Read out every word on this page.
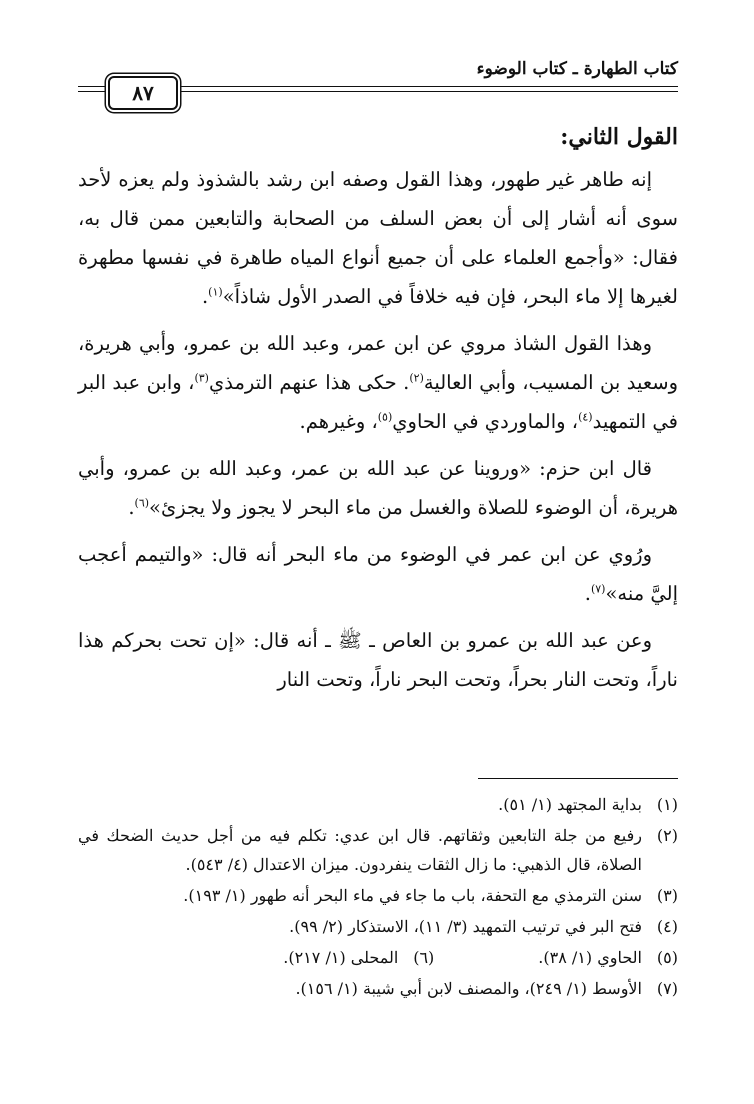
كتاب الطهارة ـ كتاب الوضوء
٨٧
القول الثاني:

إنه طاهر غير طهور، وهذا القول وصفه ابن رشد بالشذوذ ولم يعزه لأحد سوى أنه أشار إلى أن بعض السلف من الصحابة والتابعين ممن قال به، فقال: «وأجمع العلماء على أن جميع أنواع المياه طاهرة في نفسها مطهرة لغيرها إلا ماء البحر، فإن فيه خلافاً في الصدر الأول شاذاً»$^{(١)}$.

وهذا القول الشاذ مروي عن ابن عمر، وعبد الله بن عمرو، وأبي هريرة، وسعيد بن المسيب، وأبي العالية$^{(٢)}$. حكى هذا عنهم الترمذي$^{(٣)}$، وابن عبد البر في التمهيد$^{(٤)}$، والماوردي في الحاوي$^{(٥)}$، وغيرهم.

قال ابن حزم: «وروينا عن عبد الله بن عمر، وعبد الله بن عمرو، وأبي هريرة، أن الوضوء للصلاة والغسل من ماء البحر لا يجوز ولا يجزئ»$^{(٦)}$.

ورُوي عن ابن عمر في الوضوء من ماء البحر أنه قال: «والتيمم أعجب إليَّ منه»$^{(٧)}$.

وعن عبد الله بن عمرو بن العاص ـ ﷺ ـ أنه قال: «إن تحت بحركم هذا ناراً، وتحت النار بحراً، وتحت البحر ناراً، وتحت النار

(١)
بداية المجتهد (١/ ٥١).
(٢)
رفيع من جلة التابعين وثقاتهم. قال ابن عدي: تكلم فيه من أجل حديث الضحك في الصلاة، قال الذهبي: ما زال الثقات ينفردون. ميزان الاعتدال (٤/ ٥٤٣).
(٣)
سنن الترمذي مع التحفة، باب ما جاء في ماء البحر أنه طهور (١/ ١٩٣).
(٤)
فتح البر في ترتيب التمهيد (٣/ ١١)، الاستذكار (٢/ ٩٩).
(٥)
الحاوي (١/ ٣٨).
(٦)
المحلى (١/ ٢١٧).
(٧)
الأوسط (١/ ٢٤٩)، والمصنف لابن أبي شيبة (١/ ١٥٦).
